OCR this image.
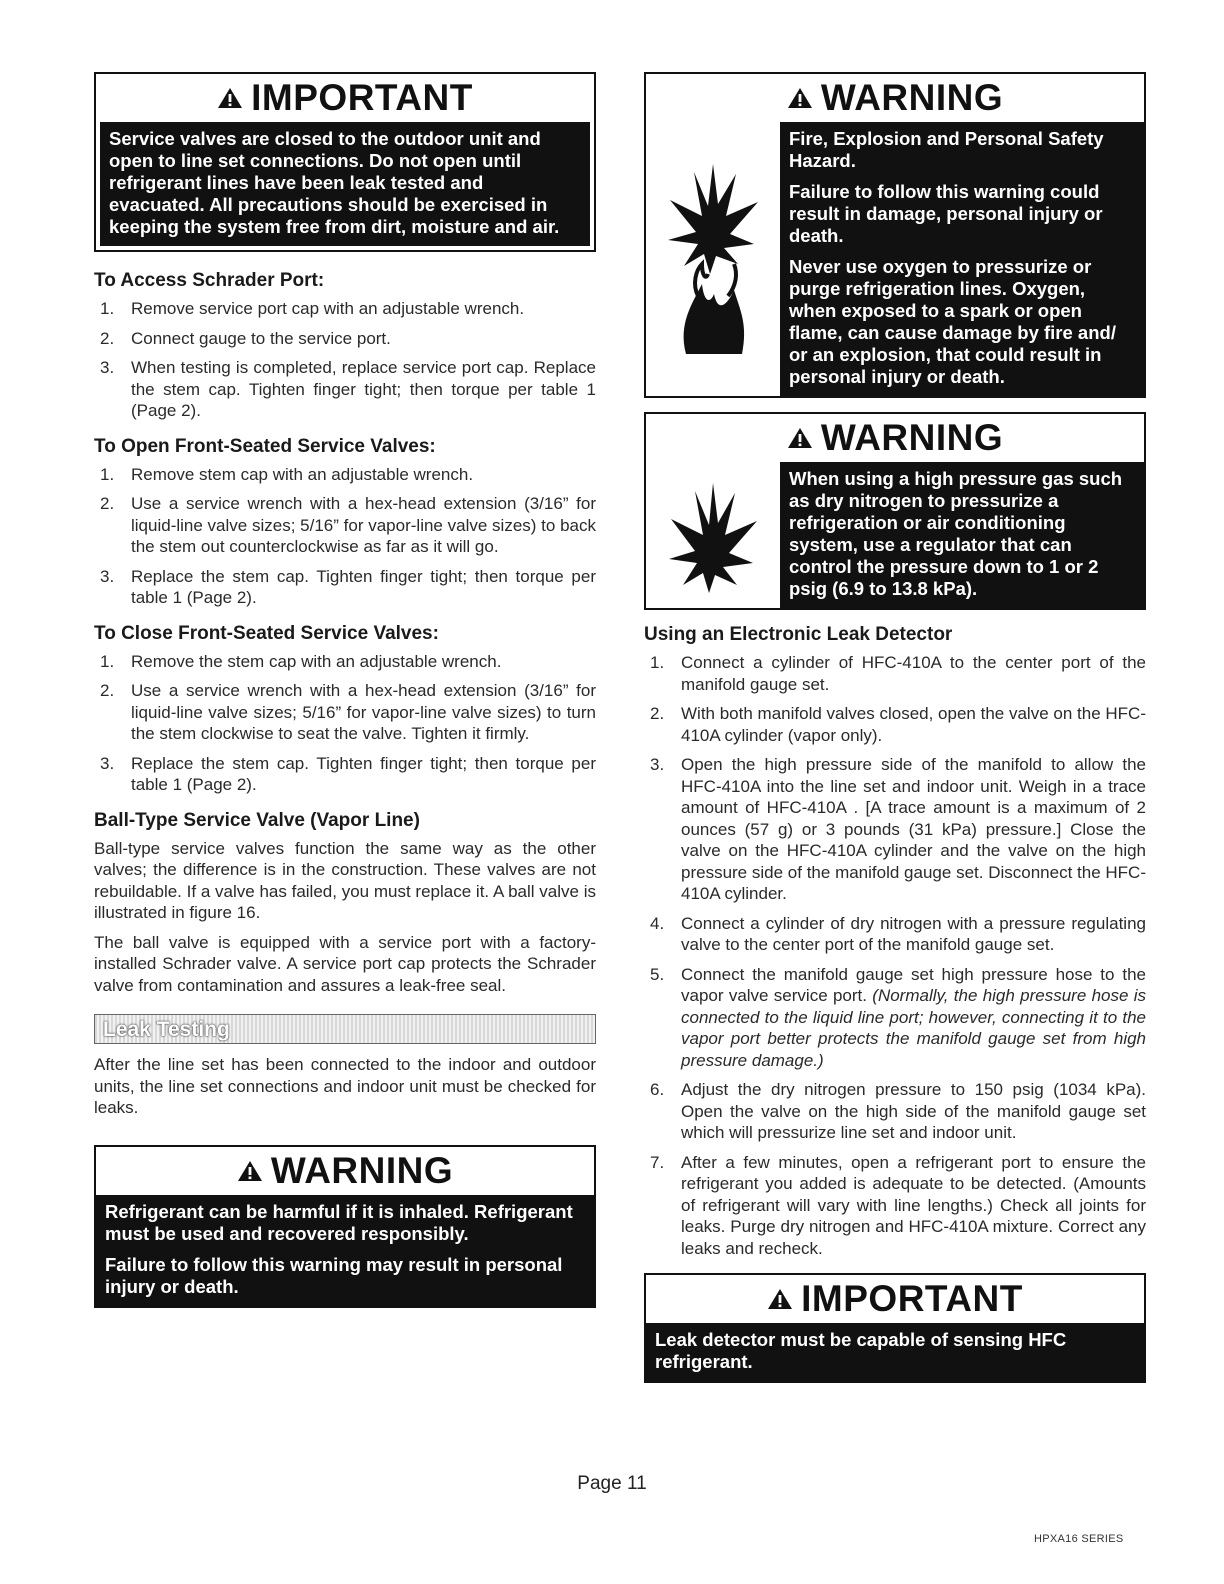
IMPORTANT

Service valves are closed to the outdoor unit and open to line set connections. Do not open until refrigerant lines have been leak tested and evacuated. All precautions should be exercised in keeping the system free from dirt, moisture and air.

To Access Schrader Port:
1. Remove service port cap with an adjustable wrench.
2. Connect gauge to the service port.
3. When testing is completed, replace service port cap. Replace the stem cap. Tighten finger tight; then torque per table 1 (Page 2).
To Open Front-Seated Service Valves:
1. Remove stem cap with an adjustable wrench.
2. Use a service wrench with a hex-head extension (3/16” for liquid-line valve sizes; 5/16” for vapor-line valve sizes) to back the stem out counterclockwise as far as it will go.
3. Replace the stem cap. Tighten finger tight; then torque per table 1 (Page 2).
To Close Front-Seated Service Valves:
1. Remove the stem cap with an adjustable wrench.
2. Use a service wrench with a hex-head extension (3/16” for liquid-line valve sizes; 5/16” for vapor-line valve sizes) to turn the stem clockwise to seat the valve. Tighten it firmly.
3. Replace the stem cap. Tighten finger tight; then torque per table 1 (Page 2).
Ball-Type Service Valve (Vapor Line)

Ball-type service valves function the same way as the other valves; the difference is in the construction. These valves are not rebuildable. If a valve has failed, you must replace it. A ball valve is illustrated in figure 16.

The ball valve is equipped with a service port with a factory-installed Schrader valve. A service port cap protects the Schrader valve from contamination and assures a leak-free seal.

Leak Testing

After the line set has been connected to the indoor and outdoor units, the line set connections and indoor unit must be checked for leaks.

WARNING

Refrigerant can be harmful if it is inhaled. Refrigerant must be used and recovered responsibly.

Failure to follow this warning may result in personal injury or death.

WARNING

Fire, Explosion and Personal Safety Hazard.

Failure to follow this warning could result in damage, personal injury or death.

Never use oxygen to pressurize or purge refrigeration lines. Oxygen, when exposed to a spark or open flame, can cause damage by fire and/ or an explosion, that could result in personal injury or death.

WARNING

When using a high pressure gas such as dry nitrogen to pressurize a refrigeration or air conditioning system, use a regulator that can control the pressure down to 1 or 2 psig (6.9 to 13.8 kPa).

Using an Electronic Leak Detector
1. Connect a cylinder of HFC-410A to the center port of the manifold gauge set.
2. With both manifold valves closed, open the valve on the HFC-410A cylinder (vapor only).
3. Open the high pressure side of the manifold to allow the HFC-410A into the line set and indoor unit. Weigh in a trace amount of HFC-410A . [A trace amount is a maximum of 2 ounces (57 g) or 3 pounds (31 kPa) pressure.] Close the valve on the HFC-410A cylinder and the valve on the high pressure side of the manifold gauge set. Disconnect the HFC-410A cylinder.
4. Connect a cylinder of dry nitrogen with a pressure regulating valve to the center port of the manifold gauge set.
5. Connect the manifold gauge set high pressure hose to the vapor valve service port. (Normally, the high pressure hose is connected to the liquid line port; however, connecting it to the vapor port better protects the manifold gauge set from high pressure damage.)
6. Adjust the dry nitrogen pressure to 150 psig (1034 kPa). Open the valve on the high side of the manifold gauge set which will pressurize line set and indoor unit.
7. After a few minutes, open a refrigerant port to ensure the refrigerant you added is adequate to be detected. (Amounts of refrigerant will vary with line lengths.) Check all joints for leaks. Purge dry nitrogen and HFC-410A mixture. Correct any leaks and recheck.
IMPORTANT

Leak detector must be capable of sensing HFC refrigerant.

Page 11
HPXA16 SERIES
